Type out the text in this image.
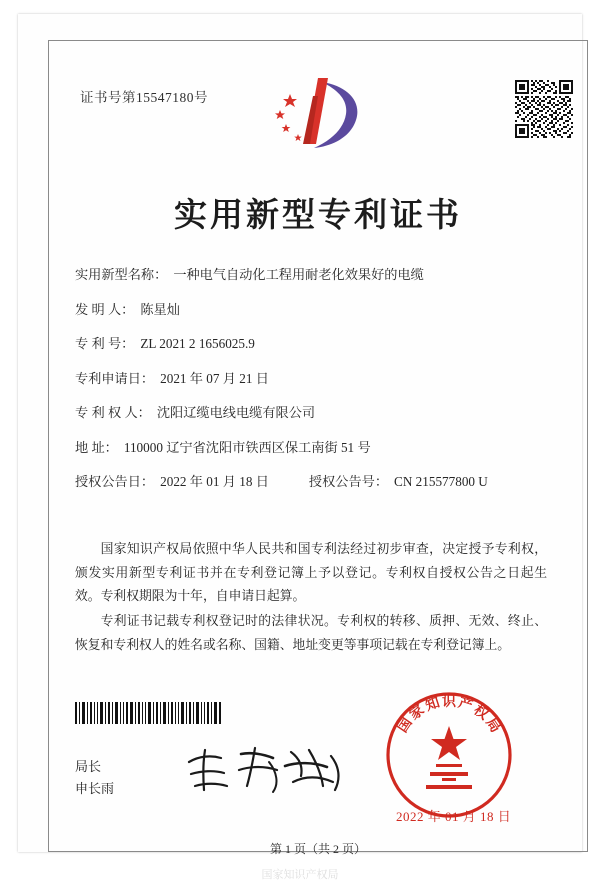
证书号第15547180号
实用新型专利证书
实用新型名称： 一种电气自动化工程用耐老化效果好的电缆
发 明 人： 陈星灿
专 利 号： ZL 2021 2 1656025.9
专利申请日： 2021 年 07 月 21 日
专 利 权 人： 沈阳辽缆电线电缆有限公司
地 址： 110000 辽宁省沈阳市铁西区保工南街 51 号
授权公告日： 2022 年 01 月 18 日	授权公告号： CN 215577800 U

国家知识产权局依照中华人民共和国专利法经过初步审查，决定授予专利权，颁发实用新型专利证书并在专利登记簿上予以登记。专利权自授权公告之日起生效。专利权期限为十年，自申请日起算。

专利证书记载专利权登记时的法律状况。专利权的转移、质押、无效、终止、恢复和专利权人的姓名或名称、国籍、地址变更等事项记载在专利登记簿上。

局长
申长雨
国
家
知 识 产
权
局
2022 年 01 月 18 日
第 1 页（共 2 页）
国家知识产权局
